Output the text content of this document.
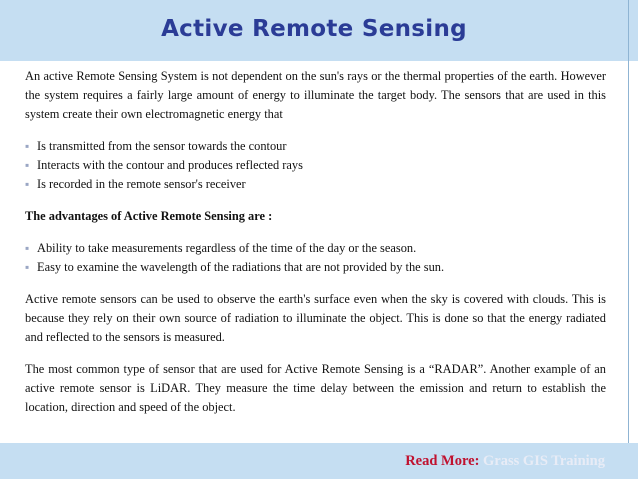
Active Remote Sensing

An active Remote Sensing System is not dependent on the sun's rays or the thermal properties of the earth. However the system requires a fairly large amount of energy to illuminate the target body. The sensors that are used in this system create their own electromagnetic energy that

▪ Is transmitted from the sensor towards the contour
▪ Interacts with the contour and produces reflected rays
▪ Is recorded in the remote sensor's receiver

The advantages of Active Remote Sensing are :

▪ Ability to take measurements regardless of the time of the day or the season.
▪ Easy to examine the wavelength of the radiations that are not provided by the sun.

Active remote sensors can be used to observe the earth's surface even when the sky is covered with clouds. This is because they rely on their own source of radiation to illuminate the object. This is done so that the energy radiated and reflected to the sensors is measured.

The most common type of sensor that are used for Active Remote Sensing is a “RADAR”. Another example of an active remote sensor is LiDAR. They measure the time delay between the emission and return to establish the location, direction and speed of the object.

Read More: Grass GIS Training
